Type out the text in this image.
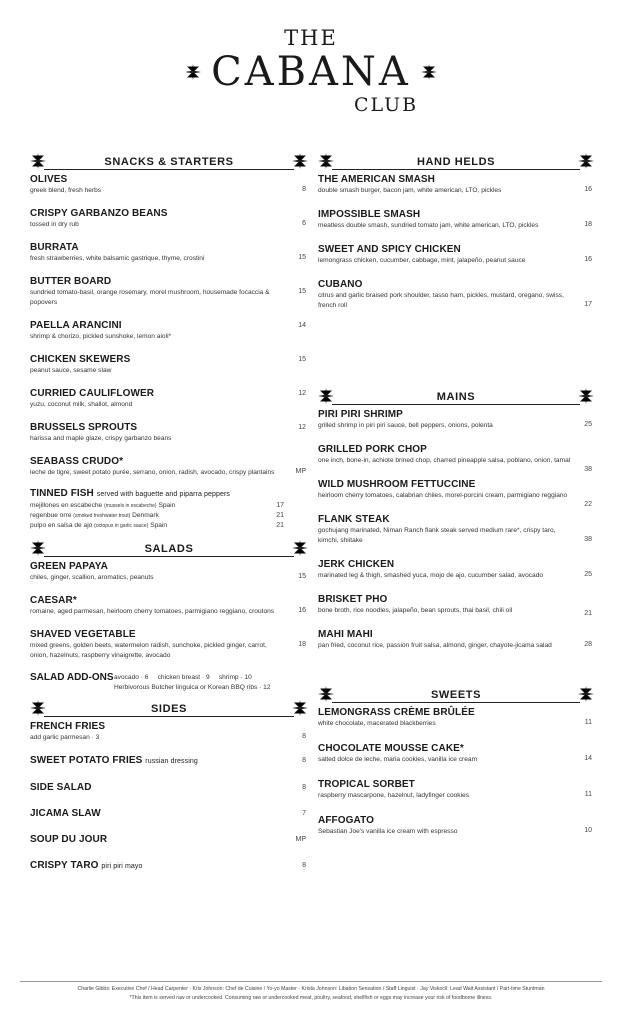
THE
CABANA
CLUB
SNACKS & STARTERS
OLIVES
greek blend, fresh herbs	8
CRISPY GARBANZO BEANS
tossed in dry rub	6
BURRATA
fresh strawberries, white balsamic gastrique, thyme, crostini	15
BUTTER BOARD
sundried tomato-basil, orange rosemary, morel mushroom, housemade focaccia & popovers
15
PAELLA ARANCINI
shrimp & chorizo, pickled sunshoke, lemon aioli*
14
CHICKEN SKEWERS
peanut sauce, sesame slaw
15
CURRIED CAULIFLOWER
yuzu, coconut milk, shallot, almond
12
BRUSSELS SPROUTS
harissa and maple glaze, crispy garbanzo beans
12
SEABASS CRUDO*
leche de tigre, sweet potato purée, serrano, onion, radish, avocado, crispy plantains	MP
TINNED FISH served with baguette and piparra peppers
mejillones en escabeche (mussels in escabeche) Spain	17
regenbue orre (smoked freshwater trout) Denmark	21
pulpo en salsa de ajo (octopus in garlic sauce) Spain	21
SALADS
GREEN PAPAYA
chiles, ginger, scallion, aromatics, peanuts	15
CAESAR*
romaine, aged parmesan, heirloom cherry tomatoes, parmigiano reggiano, croutons	16
SHAVED VEGETABLE
mixed greens, golden beets, watermelon radish, sunchoke, pickled ginger, carrot, onion, hazelnuts, raspberry vinaigrette, avocado
18
SALAD ADD-ONS avocado · 6     chicken breast · 9     shrimp · 10
Herbivorous Butcher linguica or Korean BBQ ribs · 12
SIDES
FRENCH FRIES
add garlic parmesan · 3	8
SWEET POTATO FRIES russian dressing	8
SIDE SALAD	8
JICAMA SLAW	7
SOUP DU JOUR	MP
CRISPY TARO piri piri mayo	8
HAND HELDS
THE AMERICAN SMASH
double smash burger, bacon jam, white american, LTO, pickles	16
IMPOSSIBLE SMASH
meatless double smash, sundried tomato jam, white american, LTO, pickles	18
SWEET AND SPICY CHICKEN
lemongrass chicken, cucumber, cabbage, mint, jalapeño, peanut sauce	16
CUBANO
citrus and garlic braised pork shoulder, tasso ham, pickles, mustard, oregano, swiss, french roll	17
MAINS
PIRI PIRI SHRIMP
grilled shrimp in piri piri sauce, bell peppers, onions, polenta	25
GRILLED PORK CHOP
one inch, bone-in, achiote brined chop, charred pineapple salsa, poblano, onion, tamal
38
WILD MUSHROOM FETTUCCINE
heirloom cherry tomatoes, calabrian chiles, morel-porcini cream, parmigiano reggiano
22
FLANK STEAK
gochujang marinated, Niman Ranch flank steak served medium rare*, crispy taro, kimchi, shiitake	38
JERK CHICKEN
marinated leg & thigh, smashed yuca, mojo de ajo, cucumber salad, avocado	25
BRISKET PHO
bone broth, rice noodles, jalapeño, bean sprouts, thai basil, chili oil	21
MAHI MAHI
pan fried, coconut rice, passion fruit salsa, almond, ginger, chayote-jicama salad	28
SWEETS
LEMONGRASS CRÈME BRÛLÉE
white chocolate, macerated blackberries	11
CHOCOLATE MOUSSE CAKE*
salted dolce de leche, maria cookies, vanilla ice cream	14
TROPICAL SORBET
raspberry mascarpone, hazelnut, ladyfinger cookies	11
AFFOGATO
Sebastian Joe's vanilla ice cream with espresso	10
Charlie Gibbs: Executive Chef / Head Carpenter · Kris Johnson: Chef de Cuisine / Yo-yo Master · Krista Johnson: Libation Sensation / Staff Linguist · Jay Viskocil: Lead Wait Assistant / Part-time Stuntman
*This item is served raw or undercooked. Consuming raw or undercooked meat, poultry, seafood, shellfish or eggs may increase your risk of foodborne illness.
